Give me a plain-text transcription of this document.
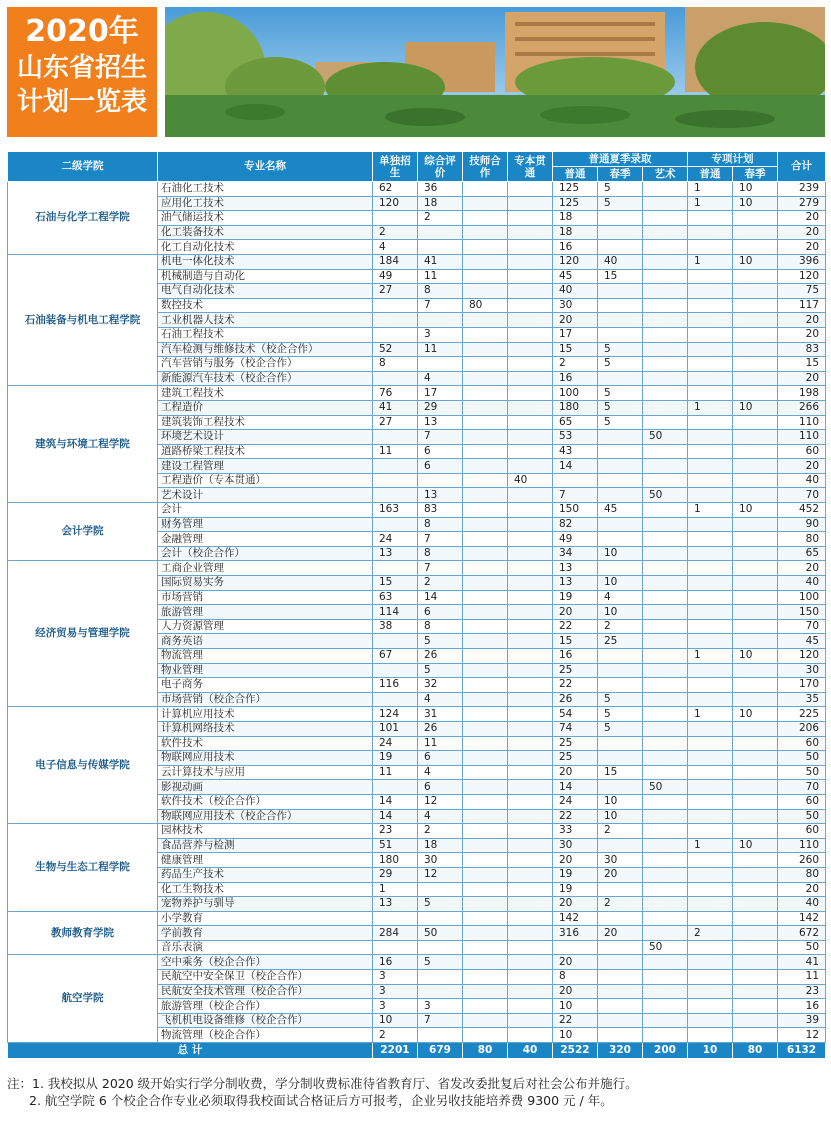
2020年
山东省招生
计划一览表
二级学院	专业名称	单独招生	综合评价	技师合作	专本贯通	普通夏季录取			专项计划		合计
						普通	春季	艺术	普通	春季	
石油与化学工程学院	石油化工技术	62	36			125	5		1	10	239
	应用化工技术	120	18			125	5		1	10	279
	油气储运技术		2			18					20
	化工装备技术	2				18					20
	化工自动化技术	4				16					20
石油装备与机电工程学院	机电一体化技术	184	41			120	40		1	10	396
	机械制造与自动化	49	11			45	15				120
	电气自动化技术	27	8			40					75
	数控技术		7	80		30					117
	工业机器人技术					20					20
	石油工程技术		3			17					20
	汽车检测与维修技术（校企合作）	52	11			15	5				83
	汽车营销与服务（校企合作）	8				2	5				15
	新能源汽车技术（校企合作）		4			16					20
建筑与环境工程学院	建筑工程技术	76	17			100	5				198
	工程造价	41	29			180	5		1	10	266
	建筑装饰工程技术	27	13			65	5				110
	环境艺术设计		7			53		50			110
	道路桥梁工程技术	11	6			43					60
	建设工程管理		6			14					20
	工程造价（专本贯通）				40						40
	艺术设计		13			7		50			70
会计学院	会计	163	83			150	45		1	10	452
	财务管理		8			82					90
	金融管理	24	7			49					80
	会计（校企合作）	13	8			34	10				65
经济贸易与管理学院	工商企业管理		7			13					20
	国际贸易实务	15	2			13	10				40
	市场营销	63	14			19	4				100
	旅游管理	114	6			20	10				150
	人力资源管理	38	8			22	2				70
	商务英语		5			15	25				45
	物流管理	67	26			16			1	10	120
	物业管理		5			25					30
	电子商务	116	32			22					170
	市场营销（校企合作）		4			26	5				35
电子信息与传媒学院	计算机应用技术	124	31			54	5		1	10	225
	计算机网络技术	101	26			74	5				206
	软件技术	24	11			25					60
	物联网应用技术	19	6			25					50
	云计算技术与应用	11	4			20	15				50
	影视动画		6			14		50			70
	软件技术（校企合作）	14	12			24	10				60
	物联网应用技术（校企合作）	14	4			22	10				50
生物与生态工程学院	园林技术	23	2			33	2				60
	食品营养与检测	51	18			30			1	10	110
	健康管理	180	30			20	30				260
	药品生产技术	29	12			19	20				80
	化工生物技术	1				19					20
	宠物养护与驯导	13	5			20	2				40
教师教育学院	小学教育					142					142
	学前教育	284	50			316	20		2		672
	音乐表演							50			50
航空学院	空中乘务（校企合作）	16	5			20					41
	民航空中安全保卫（校企合作）	3				8					11
	民航安全技术管理（校企合作）	3				20					23
	旅游管理（校企合作）	3	3			10					16
	飞机机电设备维修（校企合作）	10	7			22					39
	物流管理（校企合作）	2				10					12
总 计		2201	679	80	40	2522	320	200	10	80	6132
注：1. 我校拟从 2020 级开始实行学分制收费，学分制收费标准待省教育厅、省发改委批复后对社会公布并施行。
2. 航空学院 6 个校企合作专业必须取得我校面试合格证后方可报考，企业另收技能培养费 9300 元 / 年。
